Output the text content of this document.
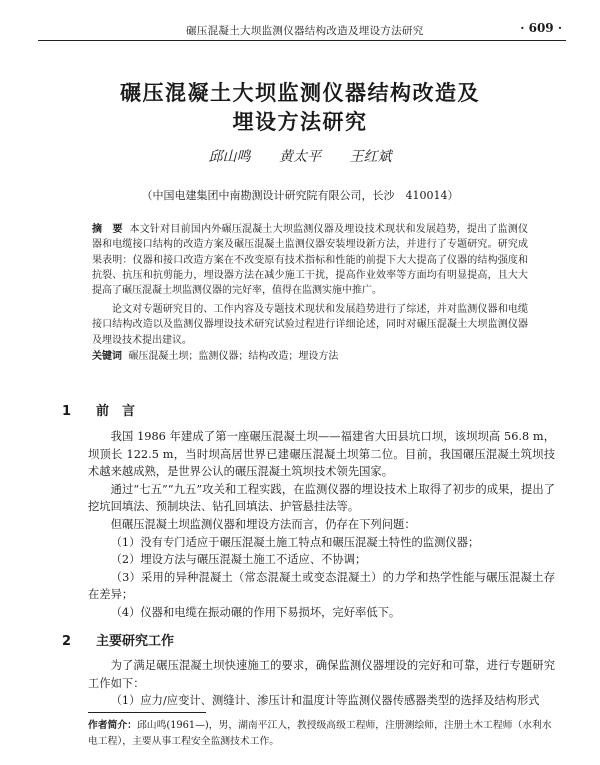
碾压混凝土大坝监测仪器结构改造及埋设方法研究	· 609 ·
碾压混凝土大坝监测仪器结构改造及
埋设方法研究
邱山鸣 黄太平 王红斌
（中国电建集团中南勘测设计研究院有限公司，长沙　410014）
摘　要 本文针对目前国内外碾压混凝土大坝监测仪器及埋设技术现状和发展趋势，提出了监测仪器和电缆接口结构的改造方案及碾压混凝土监测仪器安装埋设新方法，并进行了专题研究。研究成果表明：仪器和接口改造方案在不改变原有技术指标和性能的前提下大大提高了仪器的结构强度和抗裂、抗压和抗剪能力，埋设器方法在减少施工干扰，提高作业效率等方面均有明显提高，且大大提高了碾压混凝土坝监测仪器的完好率，值得在监测实施中推广。
论文对专题研究目的、工作内容及专题技术现状和发展趋势进行了综述，并对监测仪器和电缆接口结构改造以及监测仪器埋设技术研究试验过程进行详细论述，同时对碾压混凝土大坝监测仪器及埋设技术提出建议。
关键词 碾压混凝土坝；监测仪器；结构改造；埋设方法
1 前　言

我国 1986 年建成了第一座碾压混凝土坝——福建省大田县坑口坝，该坝坝高 56.8 m，坝顶长 122.5 m，当时坝高居世界已建碾压混凝土坝第二位。目前，我国碾压混凝土筑坝技术越来越成熟，是世界公认的碾压混凝土筑坝技术领先国家。

通过“七五”“九五”攻关和工程实践，在监测仪器的埋设技术上取得了初步的成果，提出了挖坑回填法、预制块法、钻孔回填法、护管悬挂法等。

但碾压混凝土坝监测仪器和埋设方法而言，仍存在下列问题：

（1）没有专门适应于碾压混凝土施工特点和碾压混凝土特性的监测仪器；

（2）埋设方法与碾压混凝土施工不适应、不协调；

（3）采用的异种混凝土（常态混凝土或变态混凝土）的力学和热学性能与碾压混凝土存在差异；

（4）仪器和电缆在振动碾的作用下易损坏，完好率低下。

2 主要研究工作

为了满足碾压混凝土坝快速施工的要求，确保监测仪器埋设的完好和可靠，进行专题研究工作如下：

（1）应力/应变计、测缝计、渗压计和温度计等监测仪器传感器类型的选择及结构形式

作者简介：邱山鸣(1961—)，男，湖南平江人，教授级高级工程师，注册测绘师，注册土木工程师（水利水电工程），主要从事工程安全监测技术工作。
